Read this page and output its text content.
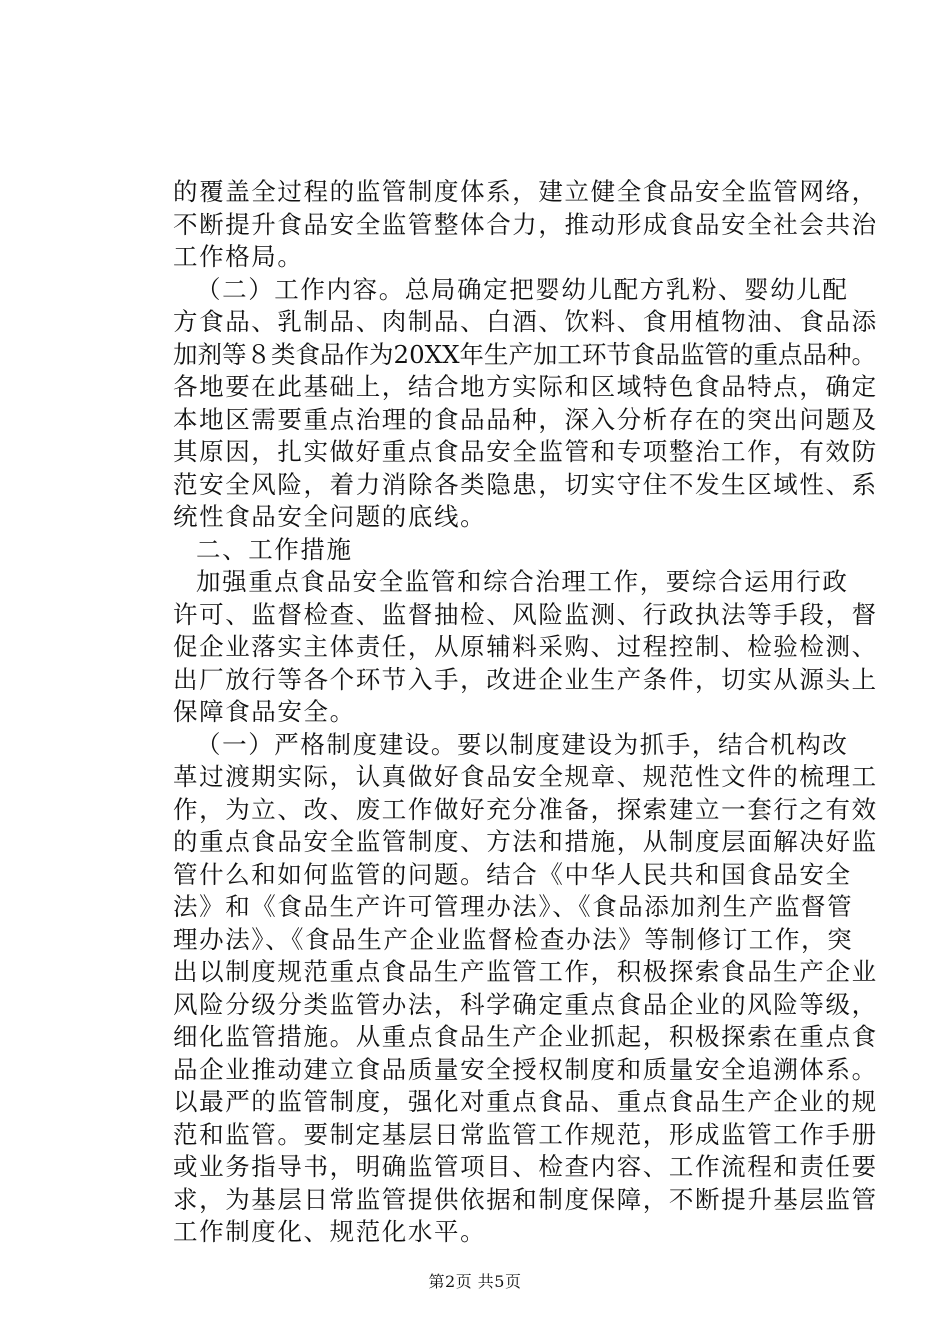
的覆盖全过程的监管制度体系，建立健全食品安全监管网络，
不断提升食品安全监管整体合力，推动形成食品安全社会共治
工作格局。
（二）工作内容。总局确定把婴幼儿配方乳粉、婴幼儿配
方食品、乳制品、肉制品、白酒、饮料、食用植物油、食品添
加剂等８类食品作为20XX年生产加工环节食品监管的重点品种。
各地要在此基础上，结合地方实际和区域特色食品特点，确定
本地区需要重点治理的食品品种，深入分析存在的突出问题及
其原因，扎实做好重点食品安全监管和专项整治工作，有效防
范安全风险，着力消除各类隐患，切实守住不发生区域性、系
统性食品安全问题的底线。
二、工作措施
加强重点食品安全监管和综合治理工作，要综合运用行政
许可、监督检查、监督抽检、风险监测、行政执法等手段，督
促企业落实主体责任，从原辅料采购、过程控制、检验检测、
出厂放行等各个环节入手，改进企业生产条件，切实从源头上
保障食品安全。
（一）严格制度建设。要以制度建设为抓手，结合机构改
革过渡期实际，认真做好食品安全规章、规范性文件的梳理工
作，为立、改、废工作做好充分准备，探索建立一套行之有效
的重点食品安全监管制度、方法和措施，从制度层面解决好监
管什么和如何监管的问题。结合《中华人民共和国食品安全
法》和《食品生产许可管理办法》、《食品添加剂生产监督管
理办法》、《食品生产企业监督检查办法》等制修订工作，突
出以制度规范重点食品生产监管工作，积极探索食品生产企业
风险分级分类监管办法，科学确定重点食品企业的风险等级，
细化监管措施。从重点食品生产企业抓起，积极探索在重点食
品企业推动建立食品质量安全授权制度和质量安全追溯体系。
以最严的监管制度，强化对重点食品、重点食品生产企业的规
范和监管。要制定基层日常监管工作规范，形成监管工作手册
或业务指导书，明确监管项目、检查内容、工作流程和责任要
求，为基层日常监管提供依据和制度保障，不断提升基层监管
工作制度化、规范化水平。
第2页 共5页
